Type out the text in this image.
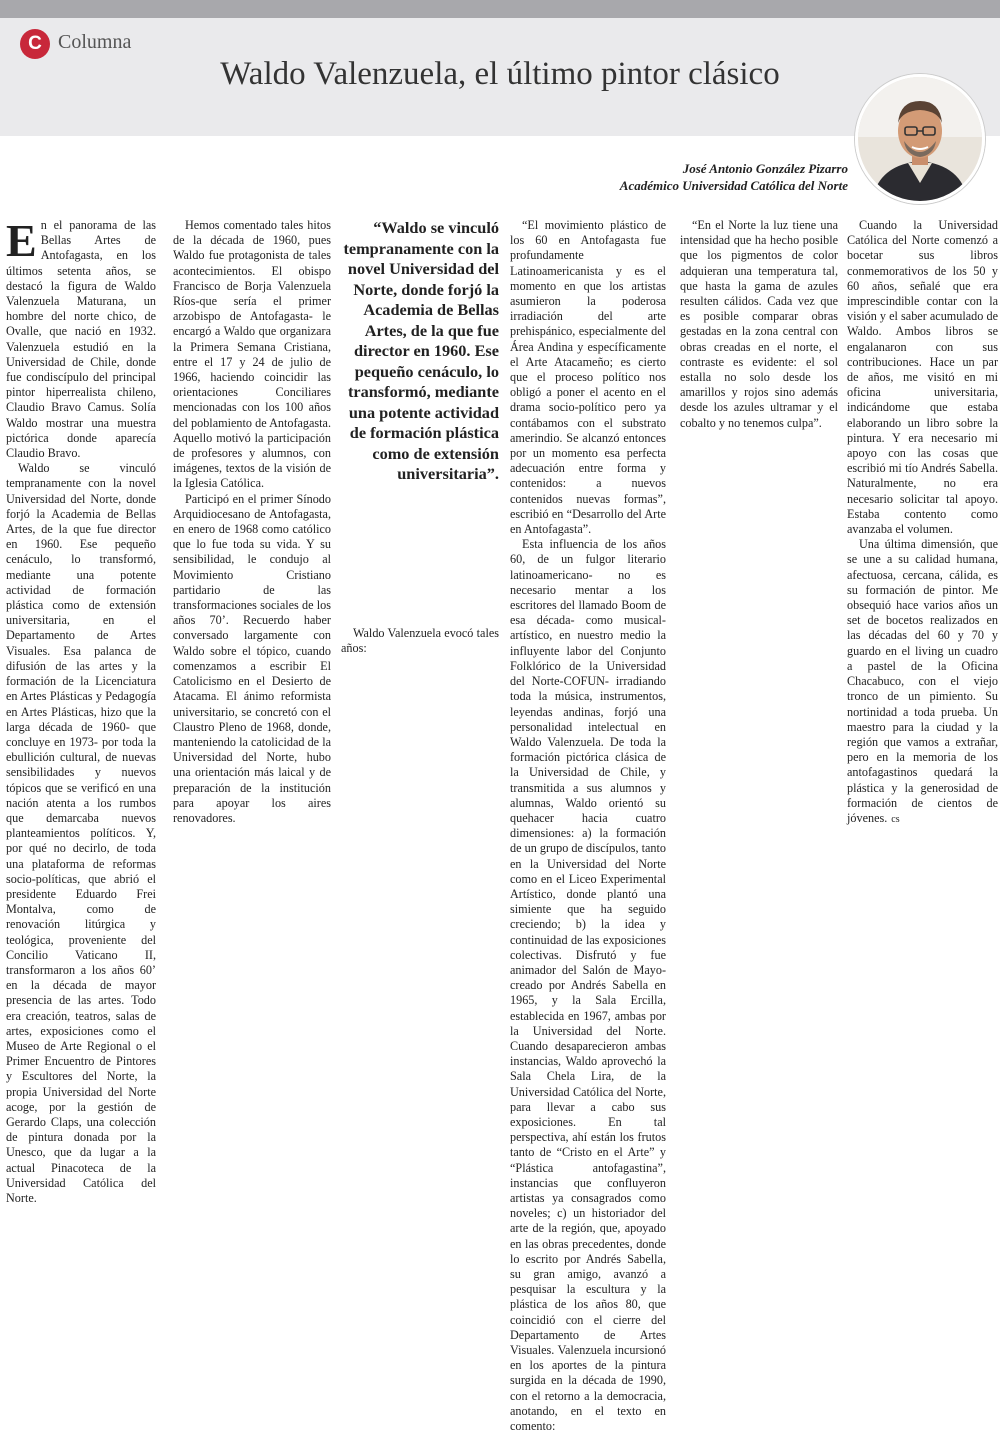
C Columna
Waldo Valenzuela, el último pintor clásico
José Antonio González Pizarro
Académico Universidad Católica del Norte

En el panorama de las Bellas Artes de Antofagasta, en los últimos setenta años, se destacó la figura de Waldo Valenzuela Maturana, un hombre del norte chico, de Ovalle, que nació en 1932. Valenzuela estudió en la Universidad de Chile, donde fue condiscípulo del principal pintor hiperrealista chileno, Claudio Bravo Camus. Solía Waldo mostrar una muestra pictórica donde aparecía Claudio Bravo.

Waldo se vinculó tempranamente con la novel Universidad del Norte, donde forjó la Academia de Bellas Artes, de la que fue director en 1960. Ese pequeño cenáculo, lo transformó, mediante una potente actividad de formación plástica como de extensión universitaria, en el Departamento de Artes Visuales. Esa palanca de difusión de las artes y la formación de la Licenciatura en Artes Plásticas y Pedagogía en Artes Plásticas, hizo que la larga década de 1960- que concluye en 1973- por toda la ebullición cultural, de nuevas sensibilidades y nuevos tópicos que se verificó en una nación atenta a los rumbos que demarcaba nuevos planteamientos políticos. Y, por qué no decirlo, de toda una plataforma de reformas socio-políticas, que abrió el presidente Eduardo Frei Montalva, como de renovación litúrgica y teológica, proveniente del Concilio Vaticano II, transformaron a los años 60’ en la década de mayor presencia de las artes. Todo era creación, teatros, salas de artes, exposiciones como el Museo de Arte Regional o el Primer Encuentro de Pintores y Escultores del Norte, la propia Universidad del Norte acoge, por la gestión de Gerardo Claps, una colección de pintura donada por la Unesco, que da lugar a la actual Pinacoteca de la Universidad Católica del Norte.

Hemos comentado tales hitos de la década de 1960, pues Waldo fue protagonista de tales acontecimientos. El obispo Francisco de Borja Valenzuela Ríos-que sería el primer arzobispo de Antofagasta- le encargó a Waldo que organizara la Primera Semana Cristiana, entre el 17 y 24 de julio de 1966, haciendo coincidir las orientaciones Conciliares mencionadas con los 100 años del poblamiento de Antofagasta. Aquello motivó la participación de profesores y alumnos, con imágenes, textos de la visión de la Iglesia Católica.

Participó en el primer Sínodo Arquidiocesano de Antofagasta, en enero de 1968 como católico que lo fue toda su vida. Y su sensibilidad, le condujo al Movimiento Cristiano partidario de las transformaciones sociales de los años 70’. Recuerdo haber conversado largamente con Waldo sobre el tópico, cuando comenzamos a escribir El Catolicismo en el Desierto de Atacama. El ánimo reformista universitario, se concretó con el Claustro Pleno de 1968, donde, manteniendo la catolicidad de la Universidad del Norte, hubo una orientación más laical y de preparación de la institución para apoyar los aires renovadores.

“Waldo se vinculó tempranamente con la novel Universidad del Norte, donde forjó la Academia de Bellas Artes, de la que fue director en 1960. Ese pequeño cenáculo, lo transformó, mediante una potente actividad de formación plástica como de extensión universitaria”.

Waldo Valenzuela evocó tales años:

“El movimiento plástico de los 60 en Antofagasta fue profundamente Latinoamericanista y es el momento en que los artistas asumieron la poderosa irradiación del arte prehispánico, especialmente del Área Andina y específicamente el Arte Atacameño; es cierto que el proceso político nos obligó a poner el acento en el drama socio-político pero ya contábamos con el substrato amerindio. Se alcanzó entonces por un momento esa perfecta adecuación entre forma y contenidos: a nuevos contenidos nuevas formas”, escribió en “Desarrollo del Arte en Antofagasta”.

Esta influencia de los años 60, de un fulgor literario latinoamericano- no es necesario mentar a los escritores del llamado Boom de esa década- como musical-artístico, en nuestro medio la influyente labor del Conjunto Folklórico de la Universidad del Norte-COFUN- irradiando toda la música, instrumentos, leyendas andinas, forjó una personalidad intelectual en Waldo Valenzuela. De toda la formación pictórica clásica de la Universidad de Chile, y transmitida a sus alumnos y alumnas, Waldo orientó su quehacer hacia cuatro dimensiones: a) la formación de un grupo de discípulos, tanto en la Universidad del Norte como en el Liceo Experimental Artístico, donde plantó una simiente que ha seguido creciendo; b) la idea y continuidad de las exposiciones colectivas. Disfrutó y fue animador del Salón de Mayo- creado por Andrés Sabella en 1965, y la Sala Ercilla, establecida en 1967, ambas por la Universidad del Norte. Cuando desaparecieron ambas instancias, Waldo aprovechó la Sala Chela Lira, de la Universidad Católica del Norte, para llevar a cabo sus exposiciones. En tal perspectiva, ahí están los frutos tanto de “Cristo en el Arte” y “Plástica antofagastina”, instancias que confluyeron artistas ya consagrados como noveles; c) un historiador del arte de la región, que, apoyado en las obras precedentes, donde lo escrito por Andrés Sabella, su gran amigo, avanzó a pesquisar la escultura y la plástica de los años 80, que coincidió con el cierre del Departamento de Artes Visuales. Valenzuela incursionó en los aportes de la pintura surgida en la década de 1990, con el retorno a la democracia, anotando, en el texto en comento:

“En el Norte la luz tiene una intensidad que ha hecho posible que los pigmentos de color adquieran una temperatura tal, que hasta la gama de azules resulten cálidos. Cada vez que es posible comparar obras gestadas en la zona central con obras creadas en el norte, el contraste es evidente: el sol estalla no solo desde los amarillos y rojos sino además desde los azules ultramar y el cobalto y no tenemos culpa”.

Cuando la Universidad Católica del Norte comenzó a bocetar sus libros conmemorativos de los 50 y 60 años, señalé que era imprescindible contar con la visión y el saber acumulado de Waldo. Ambos libros se engalanaron con sus contribuciones. Hace un par de años, me visitó en mi oficina universitaria, indicándome que estaba elaborando un libro sobre la pintura. Y era necesario mi apoyo con las cosas que escribió mi tío Andrés Sabella. Naturalmente, no era necesario solicitar tal apoyo. Estaba contento como avanzaba el volumen.

Una última dimensión, que se une a su calidad humana, afectuosa, cercana, cálida, es su formación de pintor. Me obsequió hace varios años un set de bocetos realizados en las décadas del 60 y 70 y guardo en el living un cuadro a pastel de la Oficina Chacabuco, con el viejo tronco de un pimiento. Su nortinidad a toda prueba. Un maestro para la ciudad y la región que vamos a extrañar, pero en la memoria de los antofagastinos quedará la plástica y la generosidad de formación de cientos de jóvenes. cs
